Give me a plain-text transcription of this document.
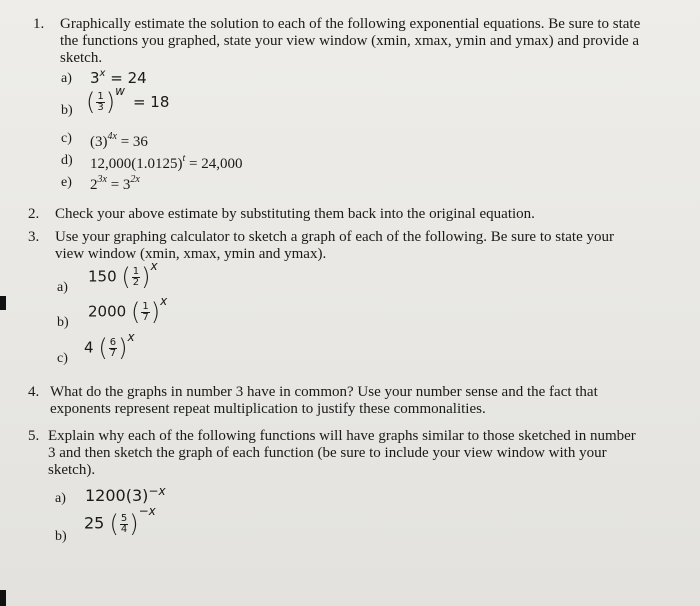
1. Graphically estimate the solution to each of the following exponential equations. Be sure to state
the functions you graphed, state your view window (xmin, xmax, ymin and ymax) and provide a
sketch.
a) $3^x = 24$
b) ( 1
3 ) $^w$= 18
c) $(3)^{4x} = 36$
d) $12,000(1.0125)^t = 24,000$
e) $2^{3x} = 3^{2x}$
2. Check your above estimate by substituting them back into the original equation.
3. Use your graphing calculator to sketch a graph of each of the following. Be sure to state your
view window (xmin, xmax, ymin and ymax).
a)
150 ( 1
2 ) $^x$
b)
2000 ( 1
7 ) $^x$
c)
4 ( 6
7 ) $^x$
4. What do the graphs in number 3 have in common? Use your number sense and the fact that
exponents represent repeat multiplication to justify these commonalities.
5. Explain why each of the following functions will have graphs similar to those sketched in number
3 and then sketch the graph of each function (be sure to include your view window with your
sketch).
a) $1200(3)^{-x}$
b)
25 ( 5
4 ) $^{-x}$
